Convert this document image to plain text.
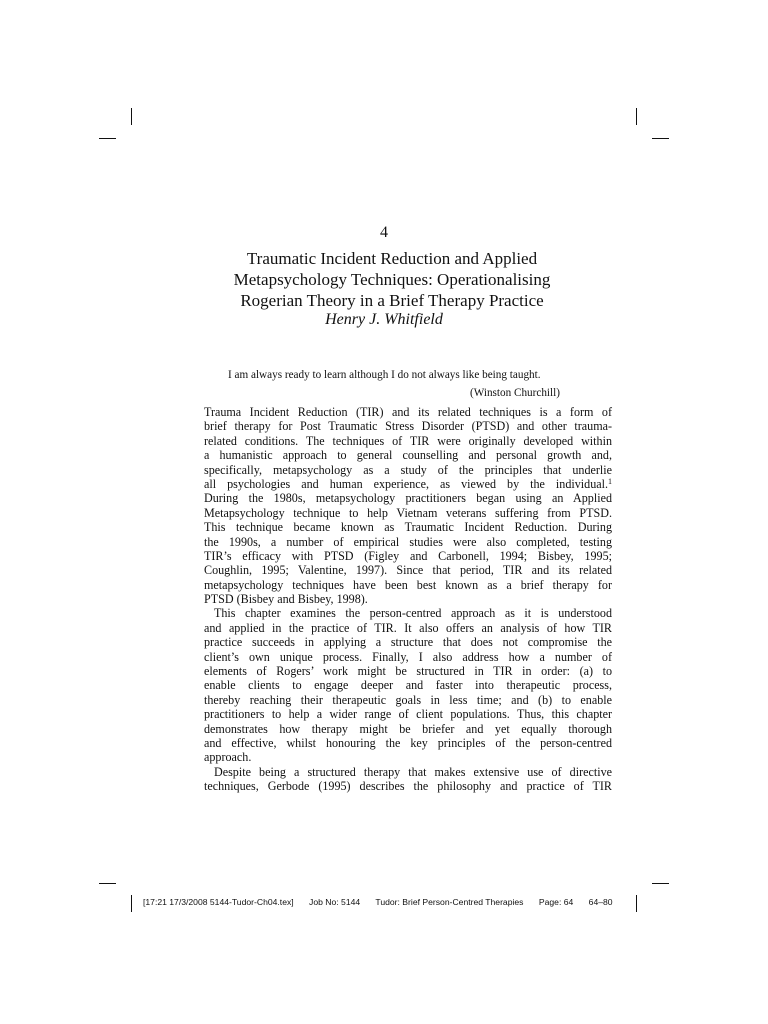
4
Traumatic Incident Reduction and Applied
Metapsychology Techniques: Operationalising
Rogerian Theory in a Brief Therapy Practice
Henry J. Whitfield
I am always ready to learn although I do not always like being taught.
(Winston Churchill)
Trauma Incident Reduction (TIR) and its related techniques is a form of
brief therapy for Post Traumatic Stress Disorder (PTSD) and other trauma-
related conditions. The techniques of TIR were originally developed within
a humanistic approach to general counselling and personal growth and,
specifically, metapsychology as a study of the principles that underlie
all psychologies and human experience, as viewed by the individual.$^1$
During the 1980s, metapsychology practitioners began using an Applied
Metapsychology technique to help Vietnam veterans suffering from PTSD.
This technique became known as Traumatic Incident Reduction. During
the 1990s, a number of empirical studies were also completed, testing
TIR’s efficacy with PTSD (Figley and Carbonell, 1994; Bisbey, 1995;
Coughlin, 1995; Valentine, 1997). Since that period, TIR and its related
metapsychology techniques have been best known as a brief therapy for
PTSD (Bisbey and Bisbey, 1998).
This chapter examines the person-centred approach as it is understood
and applied in the practice of TIR. It also offers an analysis of how TIR
practice succeeds in applying a structure that does not compromise the
client’s own unique process. Finally, I also address how a number of
elements of Rogers’ work might be structured in TIR in order: (a) to
enable clients to engage deeper and faster into therapeutic process,
thereby reaching their therapeutic goals in less time; and (b) to enable
practitioners to help a wider range of client populations. Thus, this chapter
demonstrates how therapy might be briefer and yet equally thorough
and effective, whilst honouring the key principles of the person-centred
approach.
Despite being a structured therapy that makes extensive use of directive
techniques, Gerbode (1995) describes the philosophy and practice of TIR
[17:21 17/3/2008 5144-Tudor-Ch04.tex] Job No: 5144 Tudor: Brief Person-Centred Therapies Page: 64 64–80
